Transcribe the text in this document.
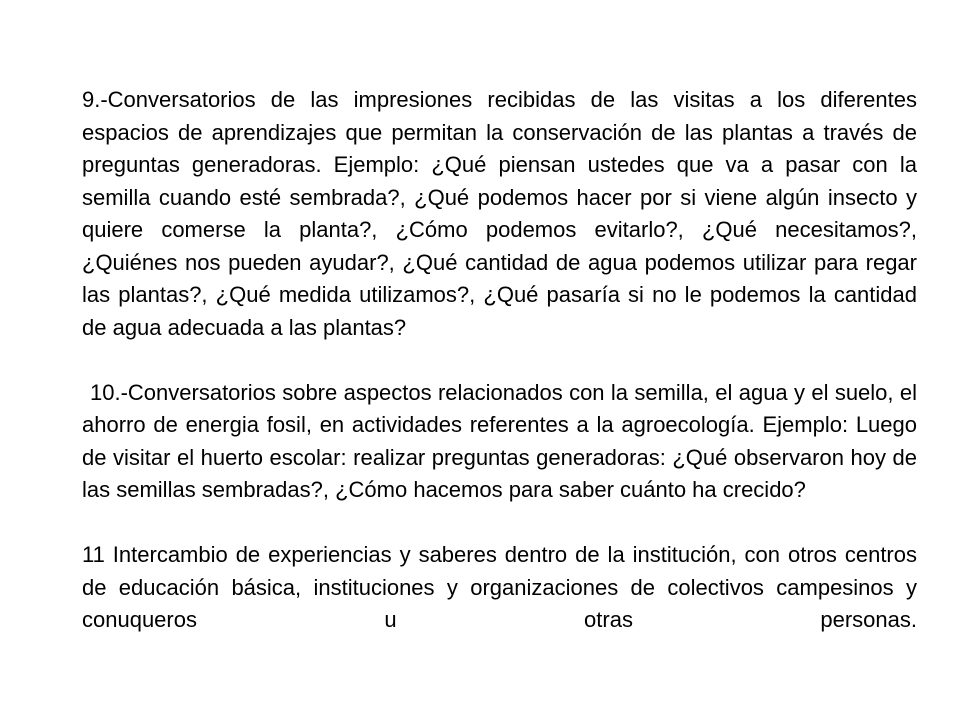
9.-Conversatorios de las impresiones recibidas de las visitas a los diferentes espacios de aprendizajes que permitan la conservación de las plantas a través de preguntas generadoras. Ejemplo: ¿Qué piensan ustedes que va a pasar con la semilla cuando esté sembrada?, ¿Qué podemos hacer por si viene algún insecto y quiere comerse la planta?, ¿Cómo podemos evitarlo?, ¿Qué necesitamos?, ¿Quiénes nos pueden ayudar?, ¿Qué cantidad de agua podemos utilizar para regar las plantas?, ¿Qué medida utilizamos?, ¿Qué pasaría si no le podemos la cantidad de agua adecuada a las plantas?

10.-Conversatorios sobre aspectos relacionados con la semilla, el agua y el suelo, el ahorro de energia fosil, en actividades referentes a la agroecología. Ejemplo: Luego de visitar el huerto escolar: realizar preguntas generadoras: ¿Qué observaron hoy de las semillas sembradas?, ¿Cómo hacemos para saber cuánto ha crecido?

11 Intercambio de experiencias y saberes dentro de la institución, con otros centros de educación básica, instituciones y organizaciones de colectivos campesinos y conuqueros u otras personas.
